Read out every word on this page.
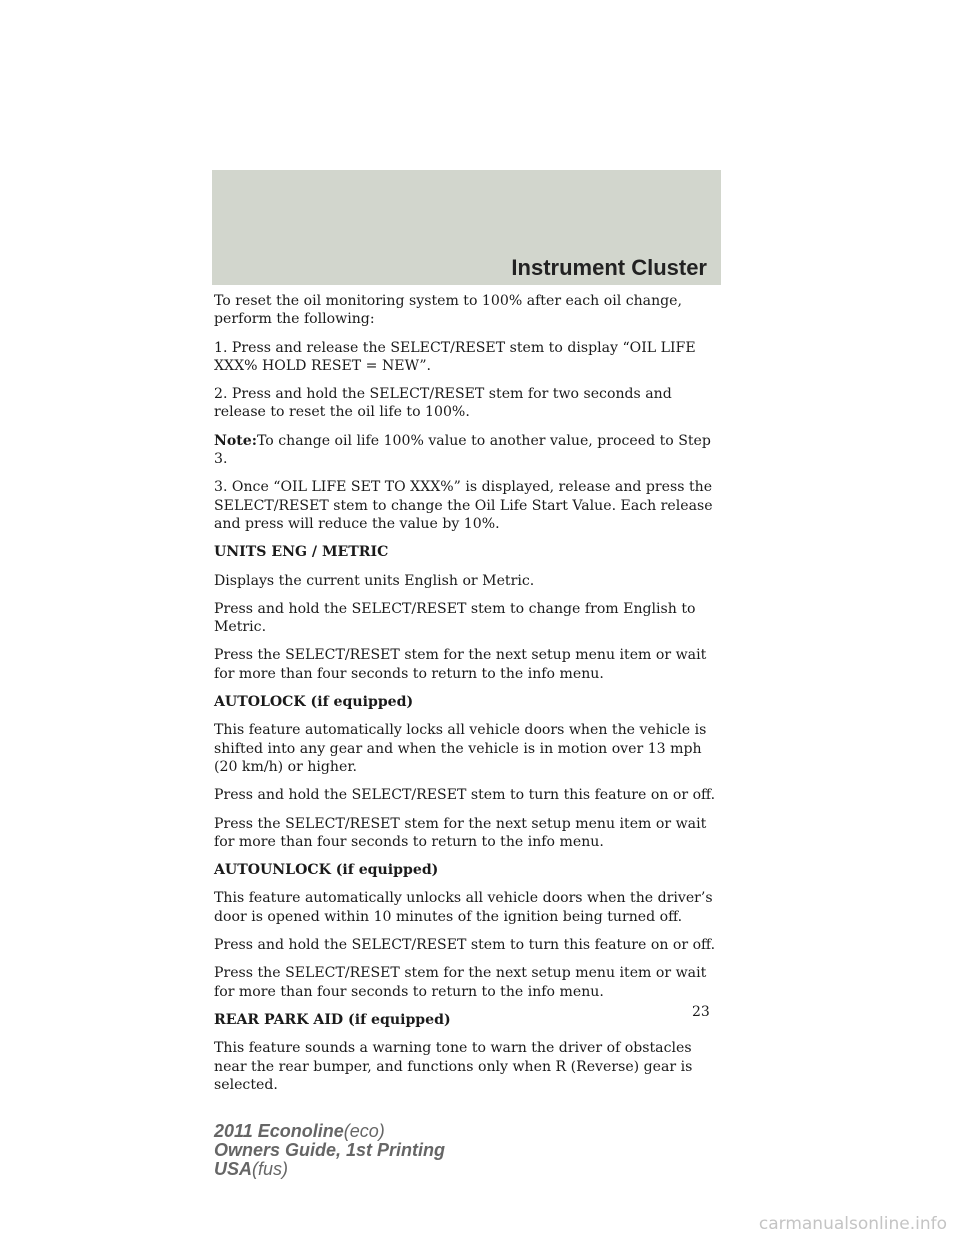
Instrument Cluster

To reset the oil monitoring system to 100% after each oil change, perform the following:

1. Press and release the SELECT/RESET stem to display “OIL LIFE XXX% HOLD RESET = NEW”.

2. Press and hold the SELECT/RESET stem for two seconds and release to reset the oil life to 100%.

Note:To change oil life 100% value to another value, proceed to Step 3.

3. Once “OIL LIFE SET TO XXX%” is displayed, release and press the SELECT/RESET stem to change the Oil Life Start Value. Each release and press will reduce the value by 10%.

UNITS ENG / METRIC

Displays the current units English or Metric.

Press and hold the SELECT/RESET stem to change from English to Metric.

Press the SELECT/RESET stem for the next setup menu item or wait for more than four seconds to return to the info menu.

AUTOLOCK (if equipped)

This feature automatically locks all vehicle doors when the vehicle is shifted into any gear and when the vehicle is in motion over 13 mph (20 km/h) or higher.

Press and hold the SELECT/RESET stem to turn this feature on or off.

Press the SELECT/RESET stem for the next setup menu item or wait for more than four seconds to return to the info menu.

AUTOUNLOCK (if equipped)

This feature automatically unlocks all vehicle doors when the driver’s door is opened within 10 minutes of the ignition being turned off.

Press and hold the SELECT/RESET stem to turn this feature on or off.

Press the SELECT/RESET stem for the next setup menu item or wait for more than four seconds to return to the info menu.

REAR PARK AID (if equipped)

This feature sounds a warning tone to warn the driver of obstacles near the rear bumper, and functions only when R (Reverse) gear is selected.

23
2011 Econoline(eco)
Owners Guide, 1st Printing
USA(fus)
carmanualsonline.info
